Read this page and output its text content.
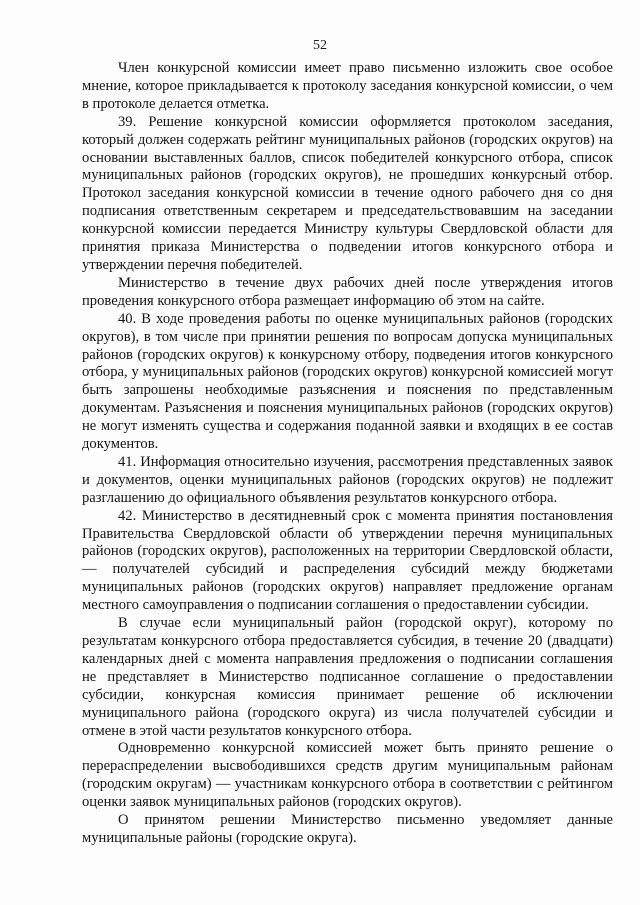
52

Член конкурсной комиссии имеет право письменно изложить свое особое мнение, которое прикладывается к протоколу заседания конкурсной комиссии, о чем в протоколе делается отметка.

39. Решение конкурсной комиссии оформляется протоколом заседания, который должен содержать рейтинг муниципальных районов (городских округов) на основании выставленных баллов, список победителей конкурсного отбора, список муниципальных районов (городских округов), не прошедших конкурсный отбор. Протокол заседания конкурсной комиссии в течение одного рабочего дня со дня подписания ответственным секретарем и председательствовавшим на заседании конкурсной комиссии передается Министру культуры Свердловской области для принятия приказа Министерства о подведении итогов конкурсного отбора и утверждении перечня победителей.

Министерство в течение двух рабочих дней после утверждения итогов проведения конкурсного отбора размещает информацию об этом на сайте.

40. В ходе проведения работы по оценке муниципальных районов (городских округов), в том числе при принятии решения по вопросам допуска муниципальных районов (городских округов) к конкурсному отбору, подведения итогов конкурсного отбора, у муниципальных районов (городских округов) конкурсной комиссией могут быть запрошены необходимые разъяснения и пояснения по представленным документам. Разъяснения и пояснения муниципальных районов (городских округов) не могут изменять существа и содержания поданной заявки и входящих в ее состав документов.

41. Информация относительно изучения, рассмотрения представленных заявок и документов, оценки муниципальных районов (городских округов) не подлежит разглашению до официального объявления результатов конкурсного отбора.

42. Министерство в десятидневный срок с момента принятия постановления Правительства Свердловской области об утверждении перечня муниципальных районов (городских округов), расположенных на территории Свердловской области, — получателей субсидий и распределения субсидий между бюджетами муниципальных районов (городских округов) направляет предложение органам местного самоуправления о подписании соглашения о предоставлении субсидии.

В случае если муниципальный район (городской округ), которому по результатам конкурсного отбора предоставляется субсидия, в течение 20 (двадцати) календарных дней с момента направления предложения о подписании соглашения не представляет в Министерство подписанное соглашение о предоставлении субсидии, конкурсная комиссия принимает решение об исключении муниципального района (городского округа) из числа получателей субсидии и отмене в этой части результатов конкурсного отбора.

Одновременно конкурсной комиссией может быть принято решение о перераспределении высвободившихся средств другим муниципальным районам (городским округам) — участникам конкурсного отбора в соответствии с рейтингом оценки заявок муниципальных районов (городских округов).

О принятом решении Министерство письменно уведомляет данные муниципальные районы (городские округа).
